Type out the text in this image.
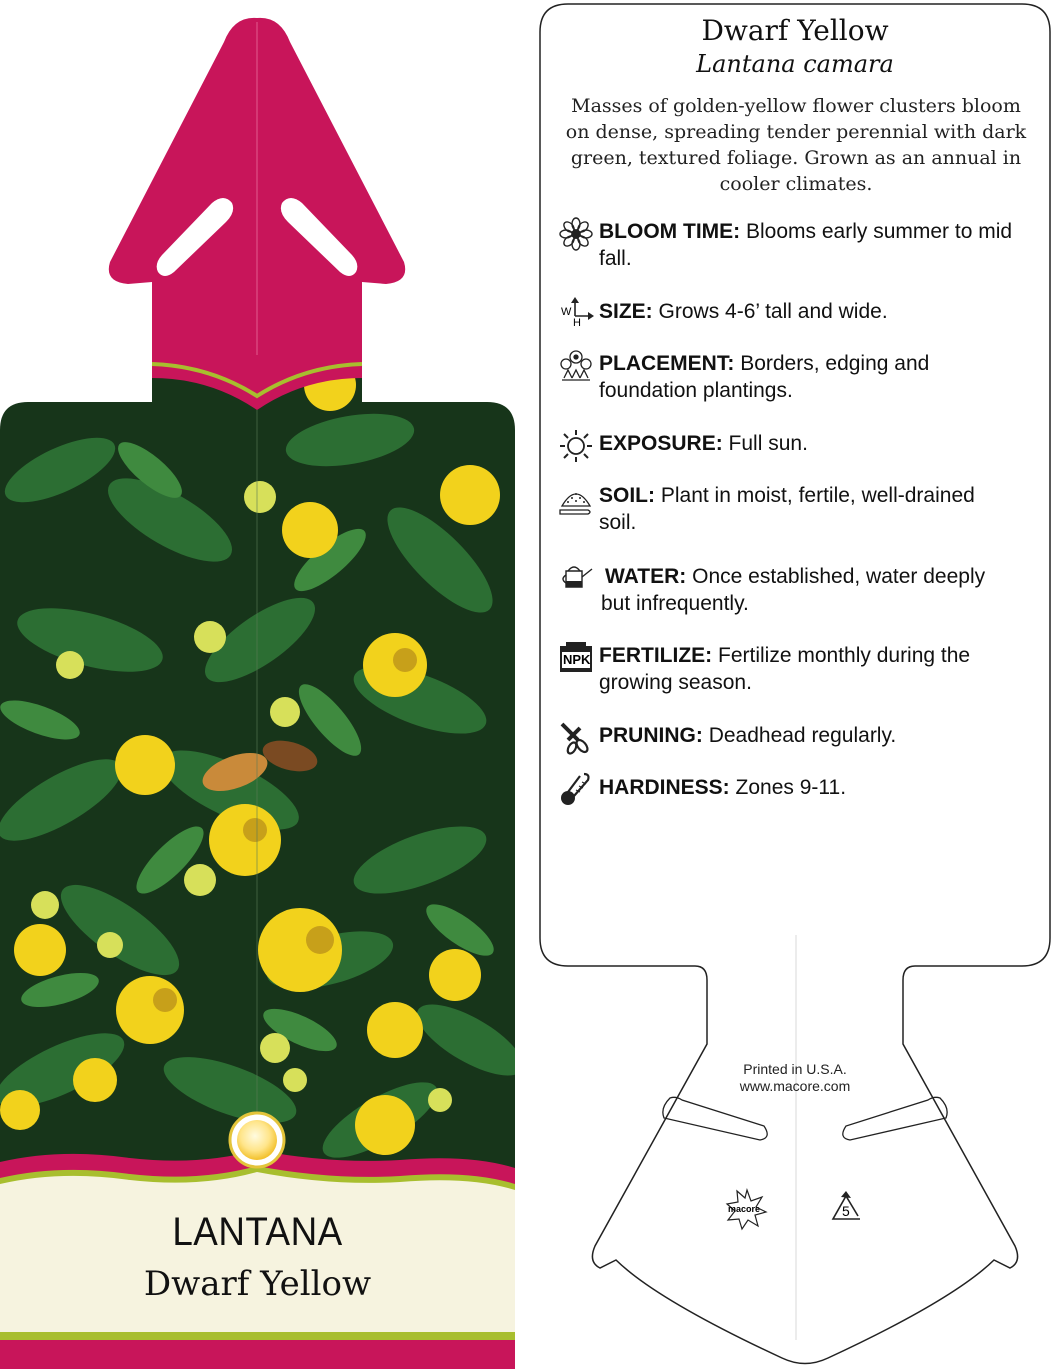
LANTANA
Dwarf Yellow
Dwarf Yellow
Lantana camara
Masses of golden-yellow flower clusters bloom on dense, spreading tender perennial with dark green, textured foliage. Grown as an annual in cooler climates.
BLOOM TIME: Blooms early summer to mid
fall.
W
H SIZE: Grows 4-6’ tall and wide.
PLACEMENT: Borders, edging and
foundation plantings.
EXPOSURE: Full sun.
SOIL: Plant in moist, fertile, well-drained
soil.
WATER: Once established, water deeply
but infrequently.
NPK FERTILIZE: Fertilize monthly during the
growing season.
PRUNING: Deadhead regularly.
HARDINESS: Zones 9-11.
Printed in U.S.A.
www.macore.com
macore	5
